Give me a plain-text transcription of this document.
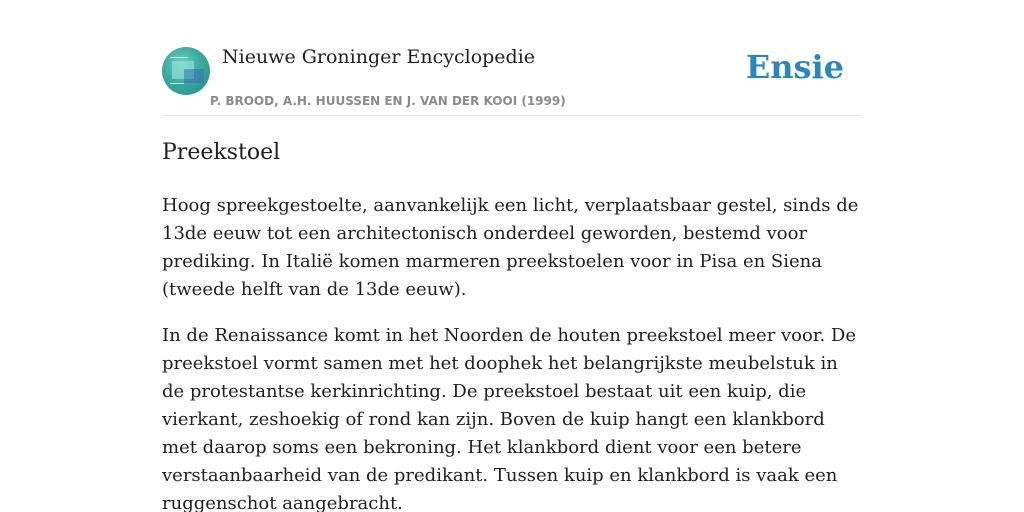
Nieuwe Groninger Encyclopedie
P. BROOD, A.H. HUUSSEN EN J. VAN DER KOOI (1999)
Ensie
Preekstoel

Hoog spreekgestoelte, aanvankelijk een licht, verplaatsbaar gestel, sinds de 13de eeuw tot een architectonisch onderdeel geworden, bestemd voor prediking. In Italië komen marmeren preekstoelen voor in Pisa en Siena (tweede helft van de 13de eeuw).

In de Renaissance komt in het Noorden de houten preekstoel meer voor. De preekstoel vormt samen met het doophek het belangrijkste meubelstuk in de protestantse kerkinrichting. De preekstoel bestaat uit een kuip, die vierkant, zeshoekig of rond kan zijn. Boven de kuip hangt een klankbord met daarop soms een bekroning. Het klankbord dient voor een betere verstaanbaarheid van de predikant. Tussen kuip en klankbord is vaak een ruggenschot aangebracht.
